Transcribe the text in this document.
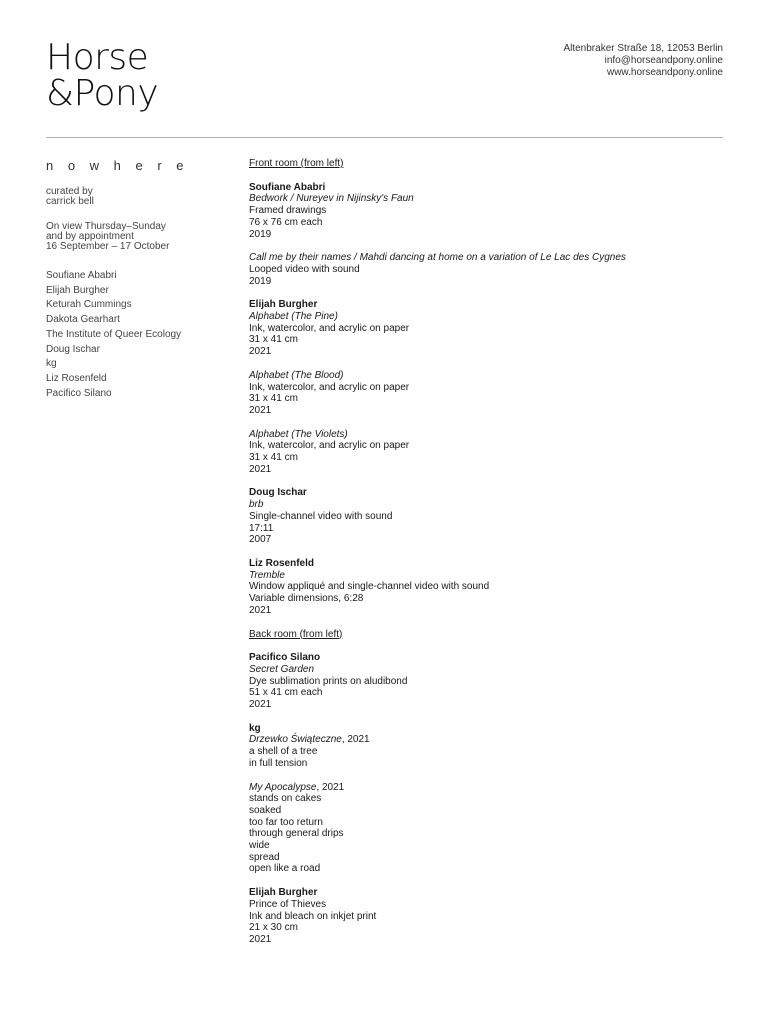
Horse
&Pony
Altenbraker Straße 18, 12053 Berlin
info@horseandpony.online
www.horseandpony.online
n o w h e r e
curated by
carrick bell
On view Thursday–Sunday
and by appointment
16 September – 17 October
Soufiane Ababri
Elijah Burgher
Keturah Cummings
Dakota Gearhart
The Institute of Queer Ecology
Doug Ischar
kg
Liz Rosenfeld
Pacifico Silano
Front room (from left)
Soufiane Ababri
Bedwork / Nureyev in Nijinsky's Faun
Framed drawings
76 x 76 cm each
2019
Call me by their names / Mahdi dancing at home on a variation of Le Lac des Cygnes
Looped video with sound
2019
Elijah Burgher
Alphabet (The Pine)
Ink, watercolor, and acrylic on paper
31 x 41 cm
2021
Alphabet (The Blood)
Ink, watercolor, and acrylic on paper
31 x 41 cm
2021
Alphabet (The Violets)
Ink, watercolor, and acrylic on paper
31 x 41 cm
2021
Doug Ischar
brb
Single-channel video with sound
17:11
2007
Liz Rosenfeld
Tremble
Window appliqué and single-channel video with sound
Variable dimensions, 6:28
2021
Back room (from left)
Pacifico Silano
Secret Garden
Dye sublimation prints on aludibond
51 x 41 cm each
2021
kg
Drzewko Świąteczne, 2021
a shell of a tree
in full tension
My Apocalypse, 2021
stands on cakes
soaked
too far too return
through general drips
wide
spread
open like a road
Elijah Burgher
Prince of Thieves
Ink and bleach on inkjet print
21 x 30 cm
2021
